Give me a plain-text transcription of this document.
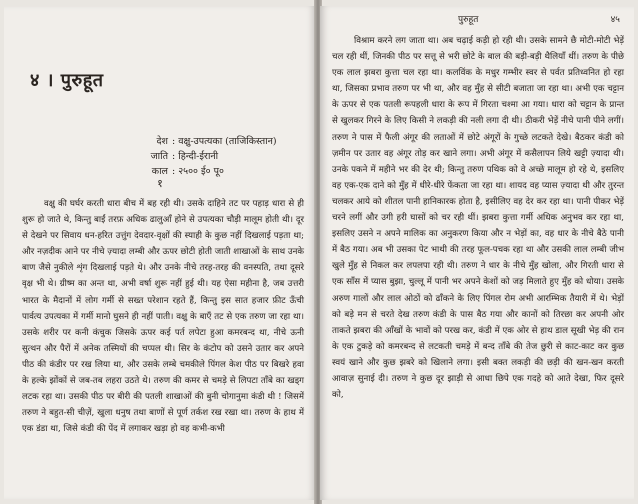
४ । पुरुहूत
देश : वक्षु-उपत्यका (ताजिकिस्तान)
जाति : हिन्दी-ईरानी
काल : २५०० ई० पू०
१

वक्षु की घर्घर करती धारा बीच में बह रही थी। उसके दाहिने तट पर पहाड़ धारा से ही शुरू हो जाते थे, किन्तु बाईं तरफ़ अधिक ढालुआँ होने से उपत्यका चौड़ी मालूम होती थी। दूर से देखने पर सिवाय धन-हरित उत्तुंग देवदार-वृक्षों की स्याही के कुछ नहीं दिखलाई पड़ता था; और नज़दीक आने पर नीचे ज़्यादा लम्बी और ऊपर छोटी होती जाती शाखाओं के साथ उनके बाण जैसे नुकीले शृंग दिखलाई पड़ते थे। और उनके नीचे तरह-तरह की वनस्पति, तथा दूसरे वृक्ष भी थे। ग्रीष्म का अन्त था, अभी वर्षा शुरू नहीं हुई थी। यह ऐसा महीना है, जब उत्तरी भारत के मैदानों में लोग गर्मी से सख्त परेशान रहते हैं, किन्तु इस सात हजार फ़ीट ऊँची पार्वत्य उपत्यका में गर्मी मानो घुसने ही नहीं पाती। वक्षु के बाएँ तट से एक तरुण जा रहा था। उसके शरीर पर कनी कंचुक जिसके ऊपर कई पर्त लपेटा हुआ कमरबन्द था, नीचे ऊनी सुत्थन और पैरों में अनेक तस्मियों की चप्पल थी। सिर के कंटोप को उसने उतार कर अपने पीठ की कंडीर पर रख लिया था, और उसके लम्बे चमकीले पिंगल केश पीठ पर बिखरे हवा के हल्के झोंकों से जब-तब लहरा उठते थे। तरुण की कमर से चमड़े से लिपटा ताँबे का खड्ग लटक रहा था। उसकी पीठ पर बीरी की पतली शाखाओं की बुनी चोगानुमा कंडी थी ! जिसमें तरुण ने बहुत-सी चीज़ें, खुला धनुष तथा बाणों से पूर्ण तर्कश रख रखा था। तरुण के हाथ में एक डंडा था, जिसे कंडी की पेंद में लगाकर खड़ा हो वह कभी-कभी

पुरुहूत	४५

विश्राम करने लग जाता था। अब चढ़ाई कड़ी हो रही थी। उसके सामने छै मोटी-मोटी भेड़ें चल रही थीं, जिनकी पीठ पर सत्तू से भरी छोटे के बाल की बड़ी-बड़ी थैलियाँ थीं। तरुण के पीछे एक लाल झबरा कुत्ता चल रहा था। कलविंक के मधुर गम्भीर स्वर से पर्वत प्रतिध्वनित हो रहा था, जिसका प्रभाव तरुण पर भी था, और वह मुँह से सीटी बजाता जा रहा था। अभी एक चट्टान के ऊपर से एक पतली रूपहली धारा के रूप में गिरता चश्मा आ गया। धारा को चट्टान के प्रान्त से खुलकर गिरने के लिए किसी ने लकड़ी की नली लगा दी थी। ठीकरी भेड़ें नीचे पानी पीने लगीं। तरुण ने पास में फैली अंगूर की लताओं में छोटे अंगूरों के गुच्छे लटकते देखे। बैठकर कंडी को ज़मीन पर उतार वह अंगूर तोड़ कर खाने लगा। अभी अंगूर में कसैलापन लिये खट्टी ज़्यादा थी। उनके पकने में महीने भर की देर थी; किन्तु तरुण पथिक को वे अच्छे मालूम हो रहे थे, इसलिए वह एक-एक दाने को मुँह में धीरे-धीरे फेंकता जा रहा था। शायद वह प्यास ज़्यादा थी और तुरन्त चलकर आये को शीतल पानी हानिकारक होता है, इसीलिए वह देर कर रहा था। पानी पीकर भेड़ें चरने लगीं और उगी हरी घासों को चर रही थीं। झबरा कुत्ता गर्मी अधिक अनुभव कर रहा था, इसलिए उसने न अपने मालिक का अनुकरण किया और न भेड़ों का, वह धार के नीचे बैठे पानी में बैठ गया। अब भी उसका पेट भाथी की तरह फूल-पचक रहा था और उसकी लाल लम्बी जीभ खुले मुँह से निकल कर लपलपा रही थी। तरुण ने धार के नीचे मुँह खोला, और गिरती धारा से एक साँस में प्यास बुझा, चुल्लू में पानी भर अपने केशों को जड़ मिलाते हुए मुँह को धोया। उसके अरुण गालों और लाल ओठों को ढाँकने के लिए पिंगल रोम अभी आरम्भिक तैयारी में थे। भेड़ों को बड़े मन से चरते देख तरुण कंडी के पास बैठ गया और कानों को तिरछा कर अपनी ओर ताकते झबरा की आँखों के भावों को परख कर, कंडी में एक ओर से हाथ डाल सूखी भेड़ की रान के एक टुकड़े को कमरबन्द से लटकती चमड़े में बन्द ताँबे की तेज छुरी से काट-काट कर कुछ स्वयं खाने और कुछ झबरे को खिलाने लगा। इसी बक्त लकड़ी की छड़ी की खन-खन करती आवाज़ सुनाई दी। तरुण ने कुछ दूर झाड़ी से आधा छिपे एक गदहे को आते देखा, फिर दूसरे को,
